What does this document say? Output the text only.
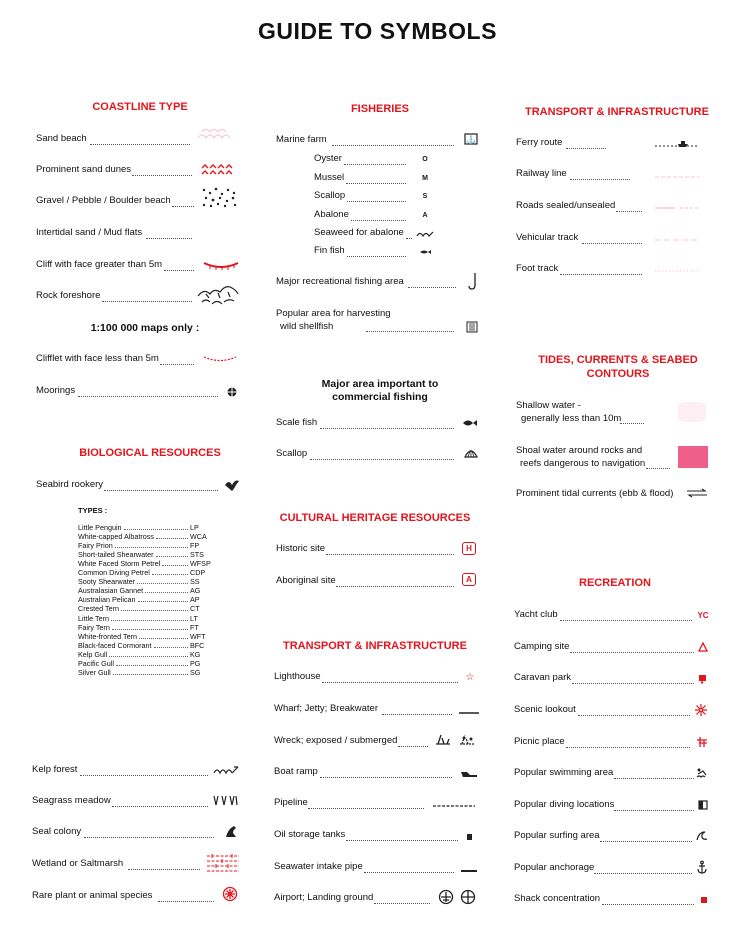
GUIDE TO SYMBOLS
COASTLINE TYPE
Sand beach
Prominent sand dunes
Gravel / Pebble / Boulder beach
Intertidal sand / Mud flats
Cliff with face greater than 5m
Rock foreshore
1:100 000 maps only :
Clifflet with face less than 5m
Moorings
BIOLOGICAL RESOURCES
Seabird rookery
TYPES :
Little Penguin	LP
White-capped Albatross	WCA
Fairy Prion	FP
Short-tailed Shearwater	STS
White Faced Storm Petrel	WFSP
Common Diving Petrel	CDP
Sooty Shearwater	SS
Australasian Gannet	AG
Australian Pelican	AP
Crested Tern	CT
Little Tern	LT
Fairy Tern	FT
White-fronted Tern	WFT
Black-faced Cormorant	BFC
Kelp Gull	KG
Pacific Gull	PG
Silver Gull	SG
Kelp forest
Seagrass meadow
Seal colony
Wetland or Saltmarsh
Rare plant or animal species
FISHERIES
Marine farm	⚓
Oyster	O
Mussel	M
Scallop	S
Abalone	A
Seaweed for abalone
Fin fish
Major recreational fishing area
Popular area for harvesting
wild shellfish
Major area important to
commercial fishing
Scale fish
Scallop
CULTURAL HERITAGE RESOURCES
Historic site	H
Aboriginal site	A
TRANSPORT & INFRASTRUCTURE
Lighthouse	☆
Wharf; Jetty; Breakwater
Wreck; exposed / submerged
Boat ramp
Pipeline
Oil storage tanks
Seawater intake pipe
Airport; Landing ground
TRANSPORT & INFRASTRUCTURE
Ferry route
Railway line
Roads sealed/unsealed
Vehicular track
Foot track
TIDES, CURRENTS & SEABED
CONTOURS
Shallow water -
generally less than 10m
Shoal water around rocks and
reefs dangerous to navigation
Prominent tidal currents (ebb & flood)
RECREATION
Yacht club	YC
Camping site
Caravan park
Scenic lookout
Picnic place
Popular swimming area
Popular diving locations
Popular surfing area
Popular anchorage
Shack concentration
